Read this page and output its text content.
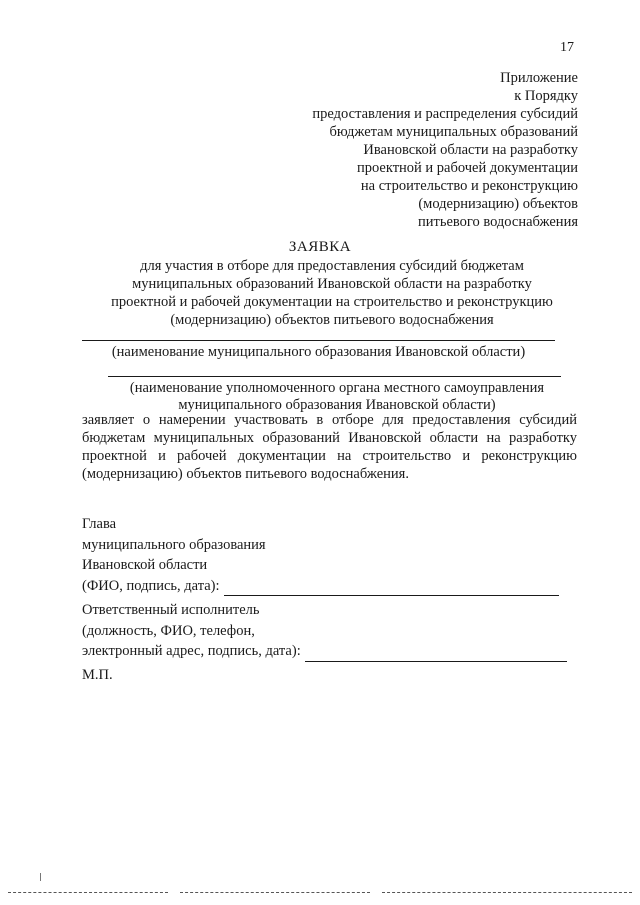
17
Приложение
к Порядку
предоставления и распределения субсидий
бюджетам муниципальных образований
Ивановской области на разработку
проектной и рабочей документации
на строительство и реконструкцию
(модернизацию) объектов
питьевого водоснабжения
ЗАЯВКА
для участия в отборе для предоставления субсидий бюджетам
муниципальных образований Ивановской области на разработку
проектной и рабочей документации на строительство и реконструкцию
(модернизацию) объектов питьевого водоснабжения
(наименование муниципального образования Ивановской области)
(наименование уполномоченного органа местного самоуправления
муниципального образования Ивановской области)
заявляет о намерении участвовать в отборе для предоставления субсидий
бюджетам муниципальных образований Ивановской области на разработку
проектной и рабочей документации на строительство и реконструкцию
(модернизацию) объектов питьевого водоснабжения.
Глава
муниципального образования
Ивановской области
(ФИО, подпись, дата):
Ответственный исполнитель
(должность, ФИО, телефон,
электронный адрес, подпись, дата):
М.П.
